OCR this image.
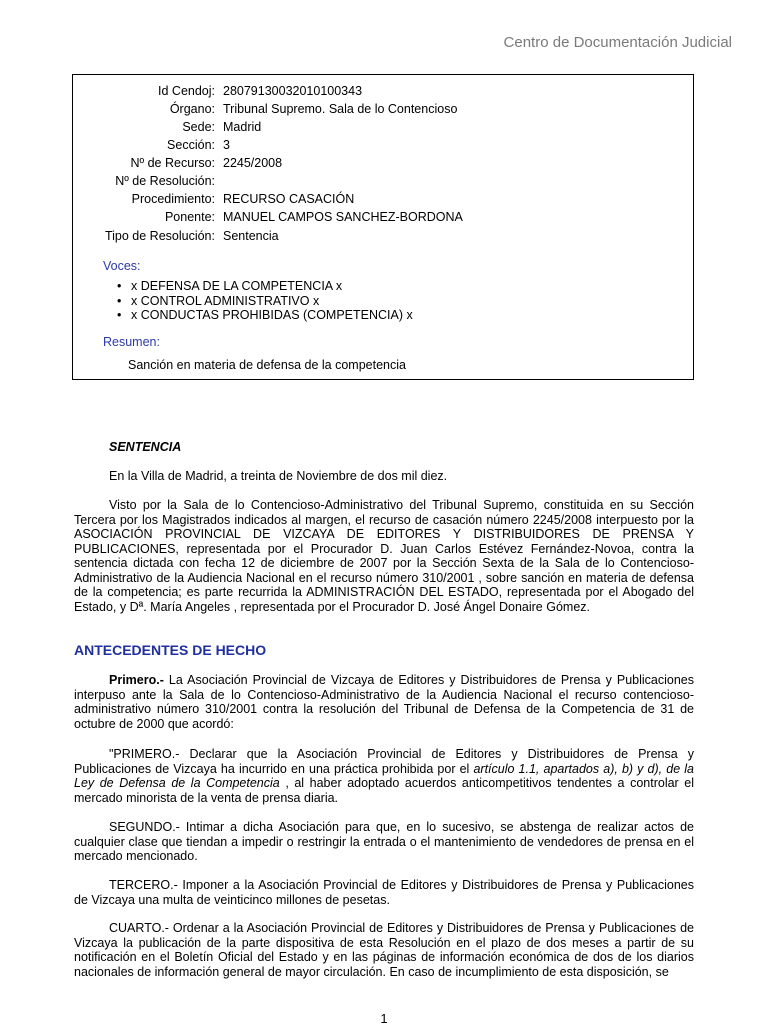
Centro de Documentación Judicial
Id Cendoj: 28079130032010100343
Órgano: Tribunal Supremo. Sala de lo Contencioso
Sede: Madrid
Sección: 3
Nº de Recurso: 2245/2008
Nº de Resolución:
Procedimiento: RECURSO CASACIÓN
Ponente: MANUEL CAMPOS SANCHEZ-BORDONA
Tipo de Resolución: Sentencia
Voces:
• x DEFENSA DE LA COMPETENCIA x
• x CONTROL ADMINISTRATIVO x
• x CONDUCTAS PROHIBIDAS (COMPETENCIA) x
Resumen:
Sanción en materia de defensa de la competencia

SENTENCIA

En la Villa de Madrid, a treinta de Noviembre de dos mil diez.

Visto por la Sala de lo Contencioso-Administrativo del Tribunal Supremo, constituida en su Sección Tercera por los Magistrados indicados al margen, el recurso de casación número 2245/2008 interpuesto por la ASOCIACIÓN PROVINCIAL DE VIZCAYA DE EDITORES Y DISTRIBUIDORES DE PRENSA Y PUBLICACIONES, representada por el Procurador D. Juan Carlos Estévez Fernández-Novoa, contra la sentencia dictada con fecha 12 de diciembre de 2007 por la Sección Sexta de la Sala de lo Contencioso-Administrativo de la Audiencia Nacional en el recurso número 310/2001 , sobre sanción en materia de defensa de la competencia; es parte recurrida la ADMINISTRACIÓN DEL ESTADO, representada por el Abogado del Estado, y Dª. María Angeles , representada por el Procurador D. José Ángel Donaire Gómez.

ANTECEDENTES DE HECHO

Primero.- La Asociación Provincial de Vizcaya de Editores y Distribuidores de Prensa y Publicaciones interpuso ante la Sala de lo Contencioso-Administrativo de la Audiencia Nacional el recurso contencioso-administrativo número 310/2001 contra la resolución del Tribunal de Defensa de la Competencia de 31 de octubre de 2000 que acordó:

"PRIMERO.- Declarar que la Asociación Provincial de Editores y Distribuidores de Prensa y Publicaciones de Vizcaya ha incurrido en una práctica prohibida por el artículo 1.1, apartados a), b) y d), de la Ley de Defensa de la Competencia , al haber adoptado acuerdos anticompetitivos tendentes a controlar el mercado minorista de la venta de prensa diaria.

SEGUNDO.- Intimar a dicha Asociación para que, en lo sucesivo, se abstenga de realizar actos de cualquier clase que tiendan a impedir o restringir la entrada o el mantenimiento de vendedores de prensa en el mercado mencionado.

TERCERO.- Imponer a la Asociación Provincial de Editores y Distribuidores de Prensa y Publicaciones de Vizcaya una multa de veinticinco millones de pesetas.

CUARTO.- Ordenar a la Asociación Provincial de Editores y Distribuidores de Prensa y Publicaciones de Vizcaya la publicación de la parte dispositiva de esta Resolución en el plazo de dos meses a partir de su notificación en el Boletín Oficial del Estado y en las páginas de información económica de dos de los diarios nacionales de información general de mayor circulación. En caso de incumplimiento de esta disposición, se

1
